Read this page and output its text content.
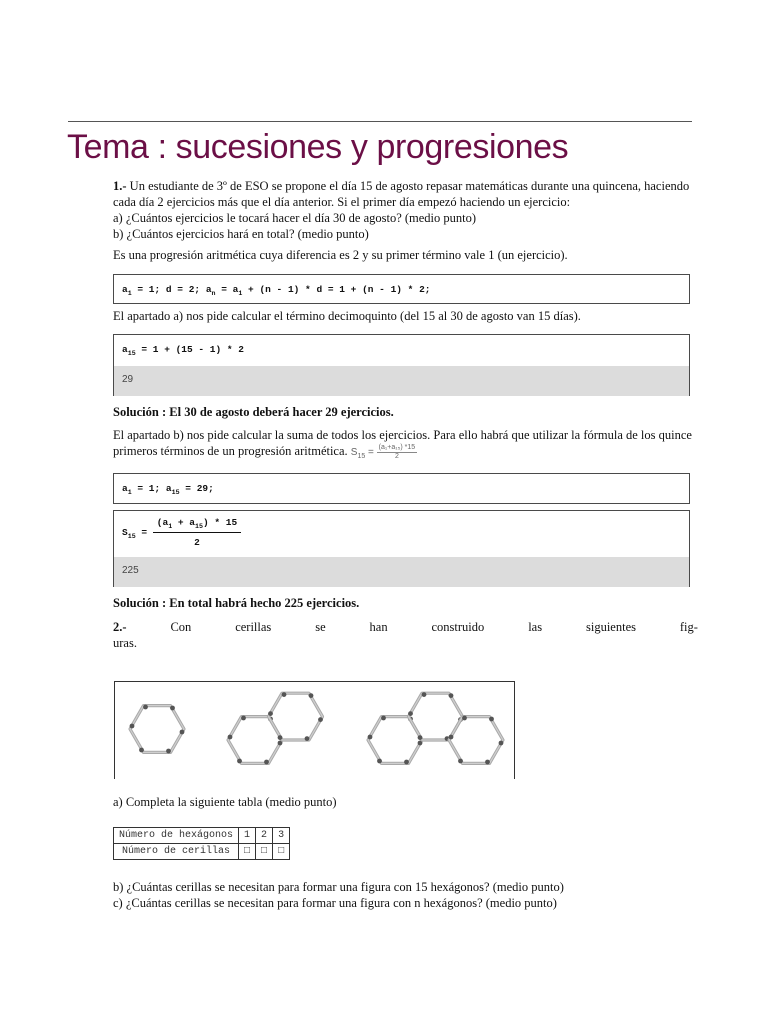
Tema : sucesiones y progresiones
1.- Un estudiante de 3º de ESO se propone el día 15 de agosto repasar matemáticas durante una quincena, haciendo
cada día 2 ejercicios más que el día anterior. Si el primer día empezó haciendo un ejercicio:
a) ¿Cuántos ejercicios le tocará hacer el día 30 de agosto? (medio punto)
b) ¿Cuántos ejercicios hará en total? (medio punto)
Es una progresión aritmética cuya diferencia es 2 y su primer término vale 1 (un ejercicio).
$a_1 = 1$; d = 2; $a_n = a_1 + (n - 1) * d = 1 + (n - 1) * 2$;
El apartado a) nos pide calcular el término decimoquinto (del 15 al 30 de agosto van 15 días).
$a_{15} = 1 + (15 - 1) * 2$
29
Solución : El 30 de agosto deberá hacer 29 ejercicios.
El apartado b) nos pide calcular la suma de todos los ejercicios. Para ello habrá que utilizar la fórmula de los quince
primeros términos de un progresión aritmética. $S_{15} = \frac{\text{(a₁+a₁₅) *15}}{2}$
$a_1 = 1$; $a_{15} = 29$;
$S_{15} = \frac{(a_1 + a_{15}) * 15}{2}$
225
Solución : En total habrá hecho 225 ejercicios.
2.-	Con	cerillas	se	han	construido	las	siguientes	fig-
uras.
a) Completa la siguiente tabla (medio punto)
Número de hexágonos	1	2	3
Número de cerillas	□	□	□
b) ¿Cuántas cerillas se necesitan para formar una figura con 15 hexágonos? (medio punto)
c) ¿Cuántas cerillas se necesitan para formar una figura con n hexágonos? (medio punto)
